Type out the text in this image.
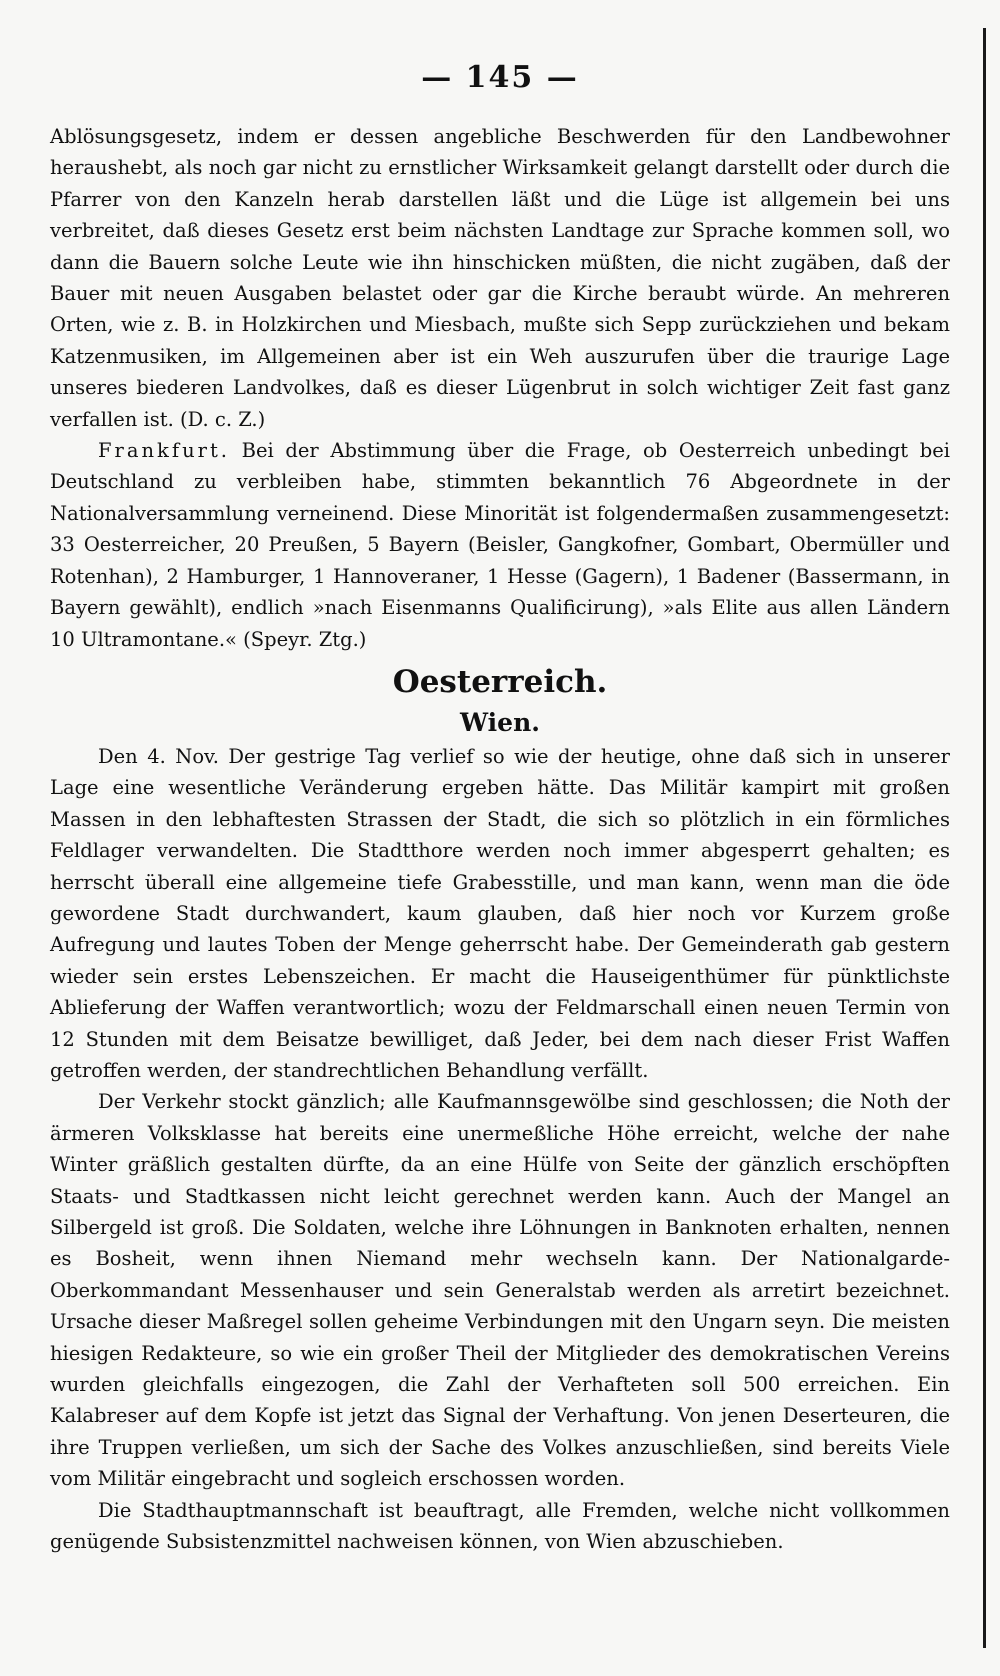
— 145 —

Ablösungsgesetz, indem er dessen angebliche Beschwerden für den Landbewohner heraushebt, als noch gar nicht zu ernstlicher Wirksamkeit gelangt darstellt oder durch die Pfarrer von den Kanzeln herab darstellen läßt und die Lüge ist allgemein bei uns verbreitet, daß dieses Gesetz erst beim nächsten Landtage zur Sprache kommen soll, wo dann die Bauern solche Leute wie ihn hinschicken müßten, die nicht zugäben, daß der Bauer mit neuen Ausgaben belastet oder gar die Kirche beraubt würde. An mehreren Orten, wie z. B. in Holzkirchen und Miesbach, mußte sich Sepp zurückziehen und bekam Katzenmusiken, im Allgemeinen aber ist ein Weh auszurufen über die traurige Lage unseres biederen Landvolkes, daß es dieser Lügenbrut in solch wichtiger Zeit fast ganz verfallen ist. (D. c. Z.)

Frankfurt. Bei der Abstimmung über die Frage, ob Oesterreich unbedingt bei Deutschland zu verbleiben habe, stimmten bekanntlich 76 Abgeordnete in der Nationalversammlung verneinend. Diese Minorität ist folgendermaßen zusammengesetzt: 33 Oesterreicher, 20 Preußen, 5 Bayern (Beisler, Gangkofner, Gombart, Obermüller und Rotenhan), 2 Hamburger, 1 Hannoveraner, 1 Hesse (Gagern), 1 Badener (Bassermann, in Bayern gewählt), endlich »nach Eisenmanns Qualificirung), »als Elite aus allen Ländern 10 Ultramontane.« (Speyr. Ztg.)

Oesterreich.
Wien.

Den 4. Nov. Der gestrige Tag verlief so wie der heutige, ohne daß sich in unserer Lage eine wesentliche Veränderung ergeben hätte. Das Militär kampirt mit großen Massen in den lebhaftesten Strassen der Stadt, die sich so plötzlich in ein förmliches Feldlager verwandelten. Die Stadtthore werden noch immer abgesperrt gehalten; es herrscht überall eine allgemeine tiefe Grabesstille, und man kann, wenn man die öde gewordene Stadt durchwandert, kaum glauben, daß hier noch vor Kurzem große Aufregung und lautes Toben der Menge geherrscht habe. Der Gemeinderath gab gestern wieder sein erstes Lebenszeichen. Er macht die Hauseigenthümer für pünktlichste Ablieferung der Waffen verantwortlich; wozu der Feldmarschall einen neuen Termin von 12 Stunden mit dem Beisatze bewilliget, daß Jeder, bei dem nach dieser Frist Waffen getroffen werden, der standrechtlichen Behandlung verfällt.

Der Verkehr stockt gänzlich; alle Kaufmannsgewölbe sind geschlossen; die Noth der ärmeren Volksklasse hat bereits eine unermeßliche Höhe erreicht, welche der nahe Winter gräßlich gestalten dürfte, da an eine Hülfe von Seite der gänzlich erschöpften Staats- und Stadtkassen nicht leicht gerechnet werden kann. Auch der Mangel an Silbergeld ist groß. Die Soldaten, welche ihre Löhnungen in Banknoten erhalten, nennen es Bosheit, wenn ihnen Niemand mehr wechseln kann. Der Nationalgarde-Oberkommandant Messenhauser und sein Generalstab werden als arretirt bezeichnet. Ursache dieser Maßregel sollen geheime Verbindungen mit den Ungarn seyn. Die meisten hiesigen Redakteure, so wie ein großer Theil der Mitglieder des demokratischen Vereins wurden gleichfalls eingezogen, die Zahl der Verhafteten soll 500 erreichen. Ein Kalabreser auf dem Kopfe ist jetzt das Signal der Verhaftung. Von jenen Deserteuren, die ihre Truppen verließen, um sich der Sache des Volkes anzuschließen, sind bereits Viele vom Militär eingebracht und sogleich erschossen worden.

Die Stadthauptmannschaft ist beauftragt, alle Fremden, welche nicht vollkommen genügende Subsistenzmittel nachweisen können, von Wien abzuschieben.
